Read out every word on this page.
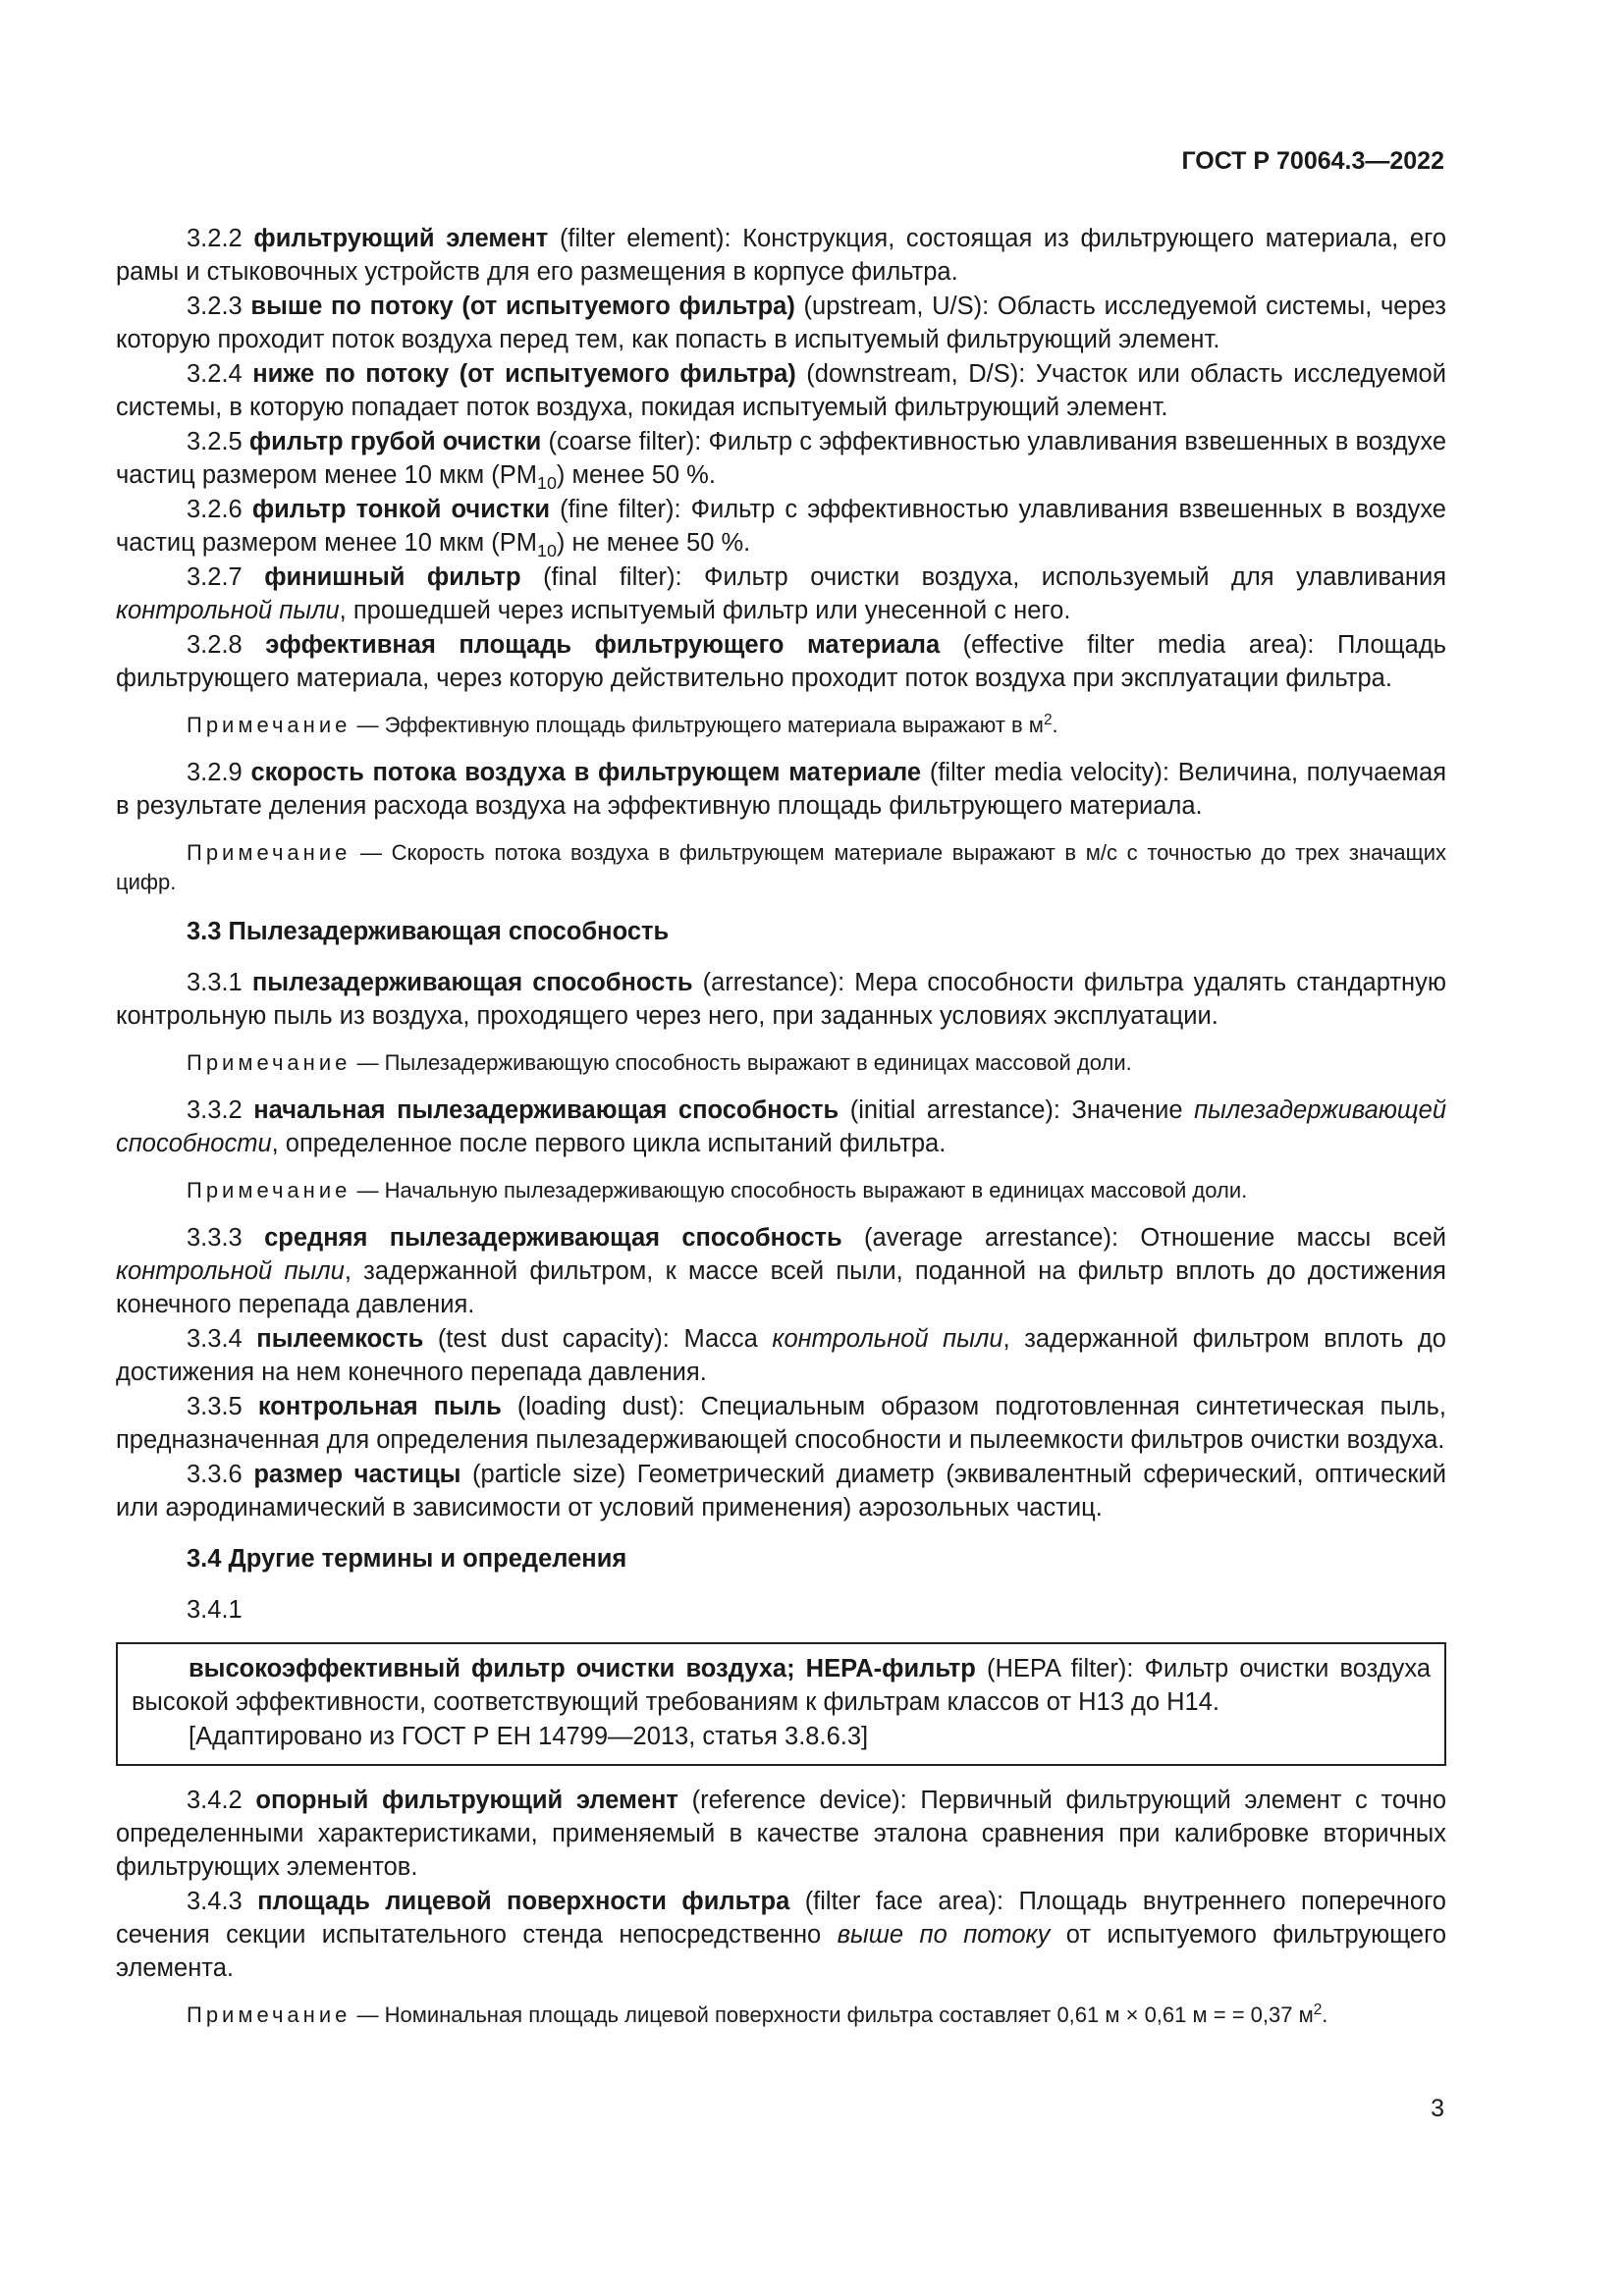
ГОСТ Р 70064.3—2022

3.2.2 фильтрующий элемент (filter element): Конструкция, состоящая из фильтрующего материала, его рамы и стыковочных устройств для его размещения в корпусе фильтра.

3.2.3 выше по потоку (от испытуемого фильтра) (upstream, U/S): Область исследуемой системы, через которую проходит поток воздуха перед тем, как попасть в испытуемый фильтрующий элемент.

3.2.4 ниже по потоку (от испытуемого фильтра) (downstream, D/S): Участок или область исследуемой системы, в которую попадает поток воздуха, покидая испытуемый фильтрующий элемент.

3.2.5 фильтр грубой очистки (coarse filter): Фильтр с эффективностью улавливания взвешенных в воздухе частиц размером менее 10 мкм $(PM_{10})$ менее 50 %.

3.2.6 фильтр тонкой очистки (fine filter): Фильтр с эффективностью улавливания взвешенных в воздухе частиц размером менее 10 мкм $(PM_{10})$ не менее 50 %.

3.2.7 финишный фильтр (final filter): Фильтр очистки воздуха, используемый для улавливания контрольной пыли, прошедшей через испытуемый фильтр или унесенной с него.

3.2.8 эффективная площадь фильтрующего материала (effective filter media area): Площадь фильтрующего материала, через которую действительно проходит поток воздуха при эксплуатации фильтра.

Примечание — Эффективную площадь фильтрующего материала выражают в $м^2$.

3.2.9 скорость потока воздуха в фильтрующем материале (filter media velocity): Величина, получаемая в результате деления расхода воздуха на эффективную площадь фильтрующего материала.

Примечание — Скорость потока воздуха в фильтрующем материале выражают в м/с с точностью до трех значащих цифр.

3.3 Пылезадерживающая способность

3.3.1 пылезадерживающая способность (arrestance): Мера способности фильтра удалять стандартную контрольную пыль из воздуха, проходящего через него, при заданных условиях эксплуатации.

Примечание — Пылезадерживающую способность выражают в единицах массовой доли.

3.3.2 начальная пылезадерживающая способность (initial arrestance): Значение пылезадерживающей способности, определенное после первого цикла испытаний фильтра.

Примечание — Начальную пылезадерживающую способность выражают в единицах массовой доли.

3.3.3 средняя пылезадерживающая способность (average arrestance): Отношение массы всей контрольной пыли, задержанной фильтром, к массе всей пыли, поданной на фильтр вплоть до достижения конечного перепада давления.

3.3.4 пылеемкость (test dust capacity): Масса контрольной пыли, задержанной фильтром вплоть до достижения на нем конечного перепада давления.

3.3.5 контрольная пыль (loading dust): Специальным образом подготовленная синтетическая пыль, предназначенная для определения пылезадерживающей способности и пылеемкости фильтров очистки воздуха.

3.3.6 размер частицы (particle size) Геометрический диаметр (эквивалентный сферический, оптический или аэродинамический в зависимости от условий применения) аэрозольных частиц.

3.4 Другие термины и определения

3.4.1

высокоэффективный фильтр очистки воздуха; HEPA-фильтр (HEPA filter): Фильтр очистки воздуха высокой эффективности, соответствующий требованиям к фильтрам классов от H13 до H14.

[Адаптировано из ГОСТ Р ЕН 14799—2013, статья 3.8.6.3]

3.4.2 опорный фильтрующий элемент (reference device): Первичный фильтрующий элемент с точно определенными характеристиками, применяемый в качестве эталона сравнения при калибровке вторичных фильтрующих элементов.

3.4.3 площадь лицевой поверхности фильтра (filter face area): Площадь внутреннего поперечного сечения секции испытательного стенда непосредственно выше по потоку от испытуемого фильтрующего элемента.

Примечание — Номинальная площадь лицевой поверхности фильтра составляет 0,61 м × 0,61 м = = 0,37 $м^2$.

3
